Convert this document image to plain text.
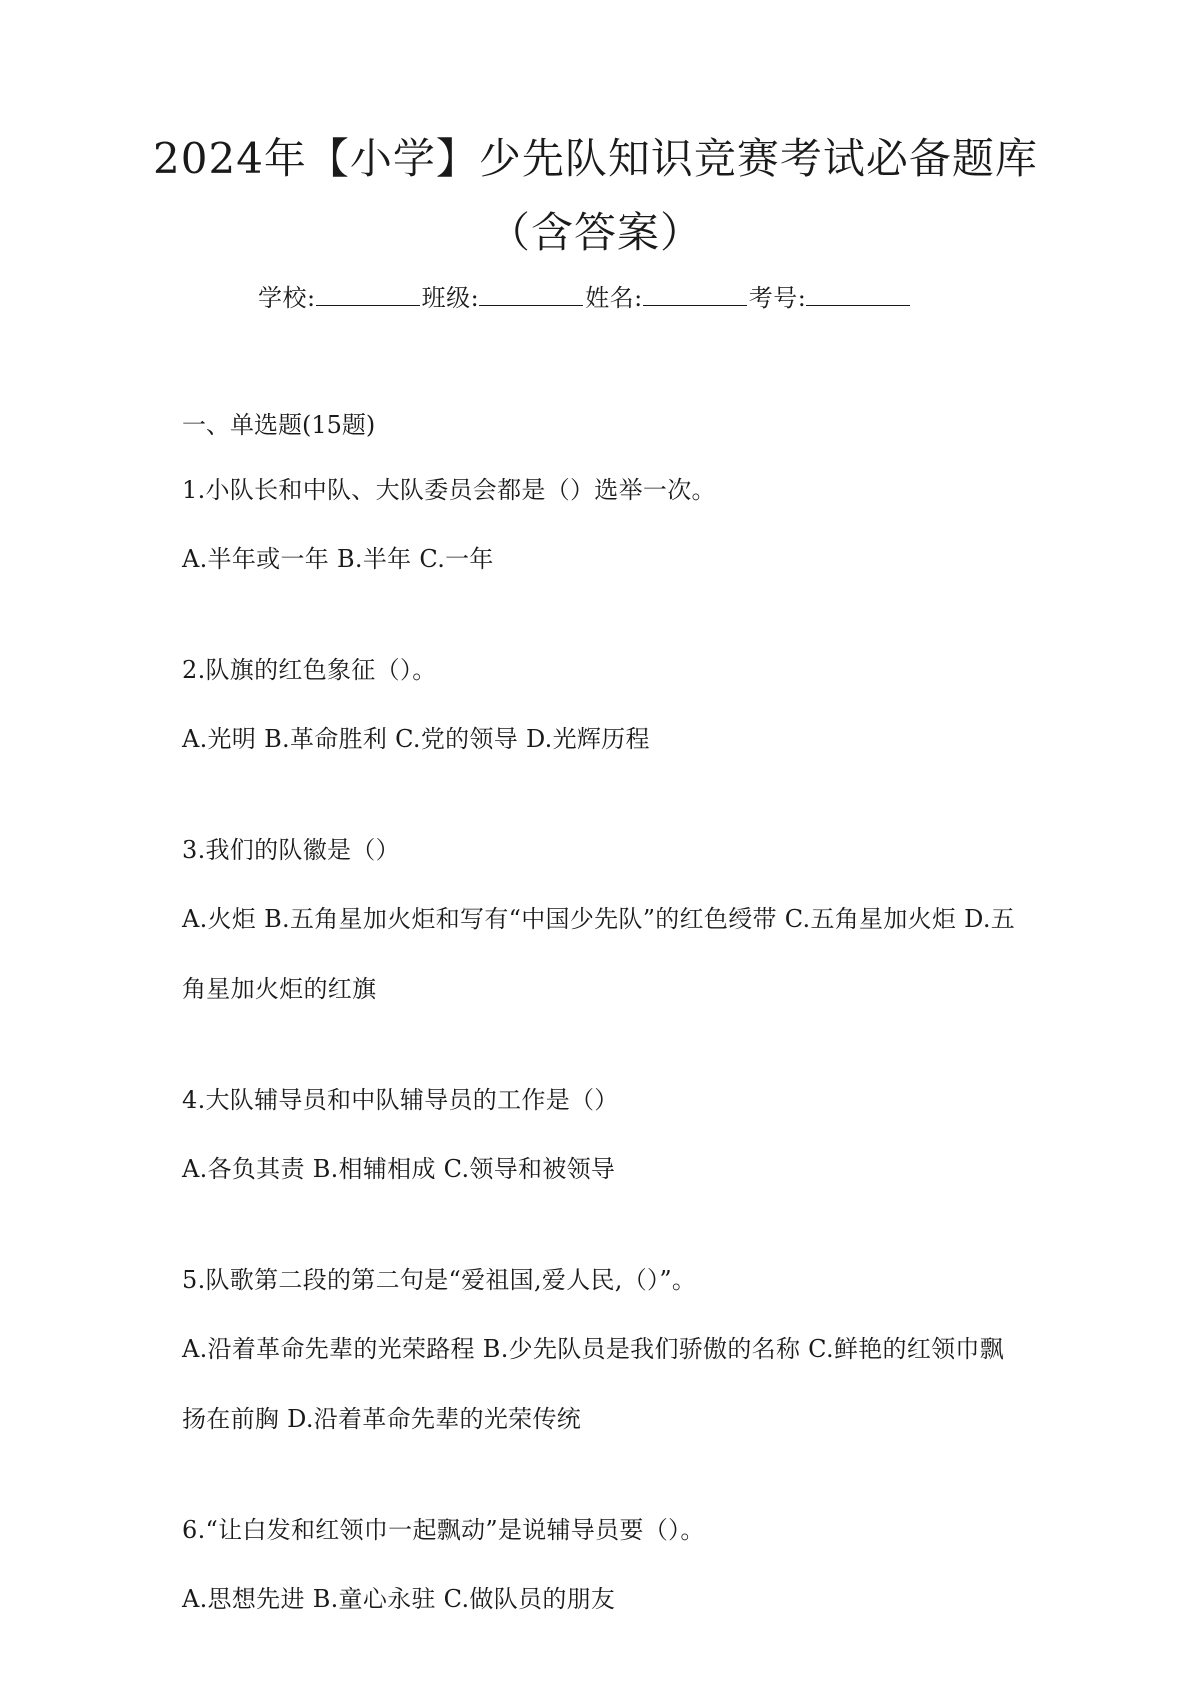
2024年【小学】少先队知识竞赛考试必备题库（含答案）
学校:	班级:	姓名:	考号:
一、单选题(15题)

1.小队长和中队、大队委员会都是（）选举一次。

A.半年或一年 B.半年 C.一年

2.队旗的红色象征（）。

A.光明 B.革命胜利 C.党的领导 D.光辉历程

3.我们的队徽是（）

A.火炬 B.五角星加火炬和写有“中国少先队”的红色绶带 C.五角星加火炬 D.五角星加火炬的红旗

4.大队辅导员和中队辅导员的工作是（）

A.各负其责 B.相辅相成 C.领导和被领导

5.队歌第二段的第二句是“爱祖国,爱人民,（）”。

A.沿着革命先辈的光荣路程 B.少先队员是我们骄傲的名称 C.鲜艳的红领巾飘扬在前胸 D.沿着革命先辈的光荣传统

6.“让白发和红领巾一起飘动”是说辅导员要（）。

A.思想先进 B.童心永驻 C.做队员的朋友
